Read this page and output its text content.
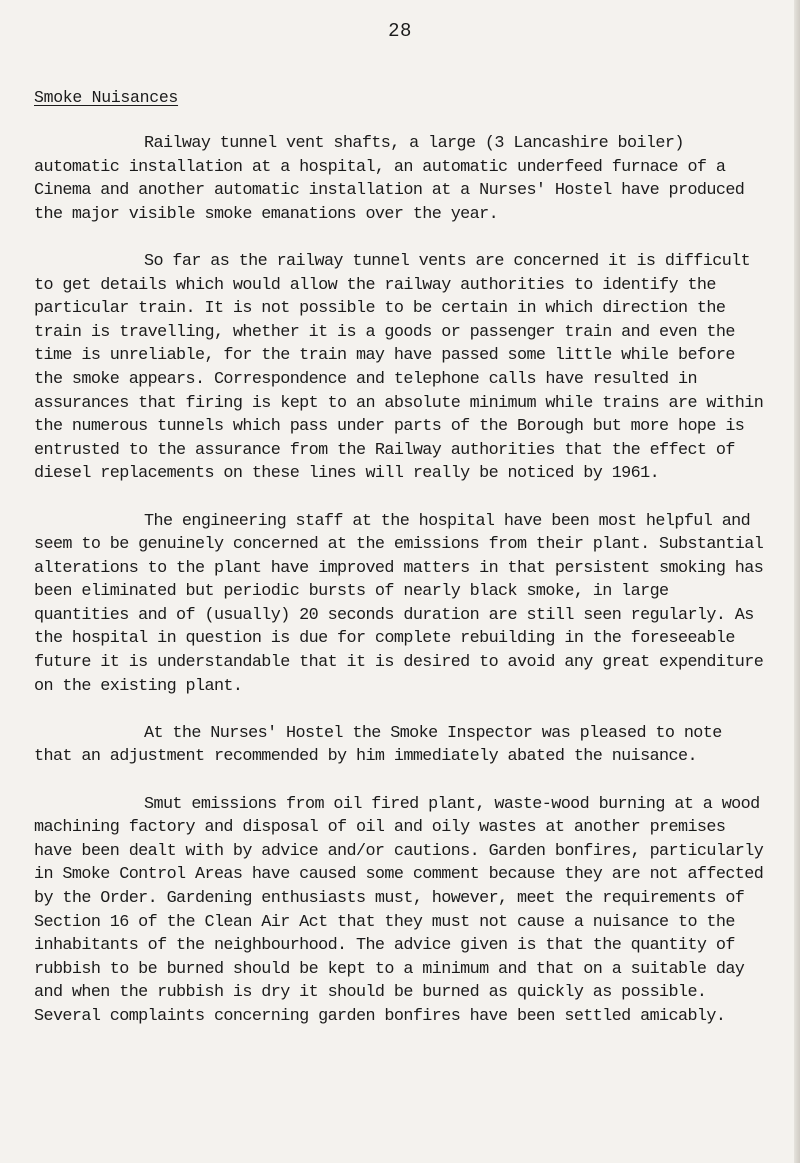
28
Smoke Nuisances

Railway tunnel vent shafts, a large (3 Lancashire boiler) automatic installation at a hospital, an automatic underfeed furnace of a Cinema and another automatic installation at a Nurses' Hostel have produced the major visible smoke emanations over the year.

So far as the railway tunnel vents are concerned it is difficult to get details which would allow the railway authorities to identify the particular train. It is not possible to be certain in which direction the train is travelling, whether it is a goods or passenger train and even the time is unreliable, for the train may have passed some little while before the smoke appears. Correspondence and telephone calls have resulted in assurances that firing is kept to an absolute minimum while trains are within the numerous tunnels which pass under parts of the Borough but more hope is entrusted to the assurance from the Railway authorities that the effect of diesel replacements on these lines will really be noticed by 1961.

The engineering staff at the hospital have been most helpful and seem to be genuinely concerned at the emissions from their plant. Substantial alterations to the plant have improved matters in that persistent smoking has been eliminated but periodic bursts of nearly black smoke, in large quantities and of (usually) 20 seconds duration are still seen regularly. As the hospital in question is due for complete rebuilding in the foreseeable future it is understandable that it is desired to avoid any great expenditure on the existing plant.

At the Nurses' Hostel the Smoke Inspector was pleased to note that an adjustment recommended by him immediately abated the nuisance.

Smut emissions from oil fired plant, waste-wood burning at a wood machining factory and disposal of oil and oily wastes at another premises have been dealt with by advice and/or cautions. Garden bonfires, particularly in Smoke Control Areas have caused some comment because they are not affected by the Order. Gardening enthusiasts must, however, meet the requirements of Section 16 of the Clean Air Act that they must not cause a nuisance to the inhabitants of the neighbourhood. The advice given is that the quantity of rubbish to be burned should be kept to a minimum and that on a suitable day and when the rubbish is dry it should be burned as quickly as possible. Several complaints concerning garden bonfires have been settled amicably.
